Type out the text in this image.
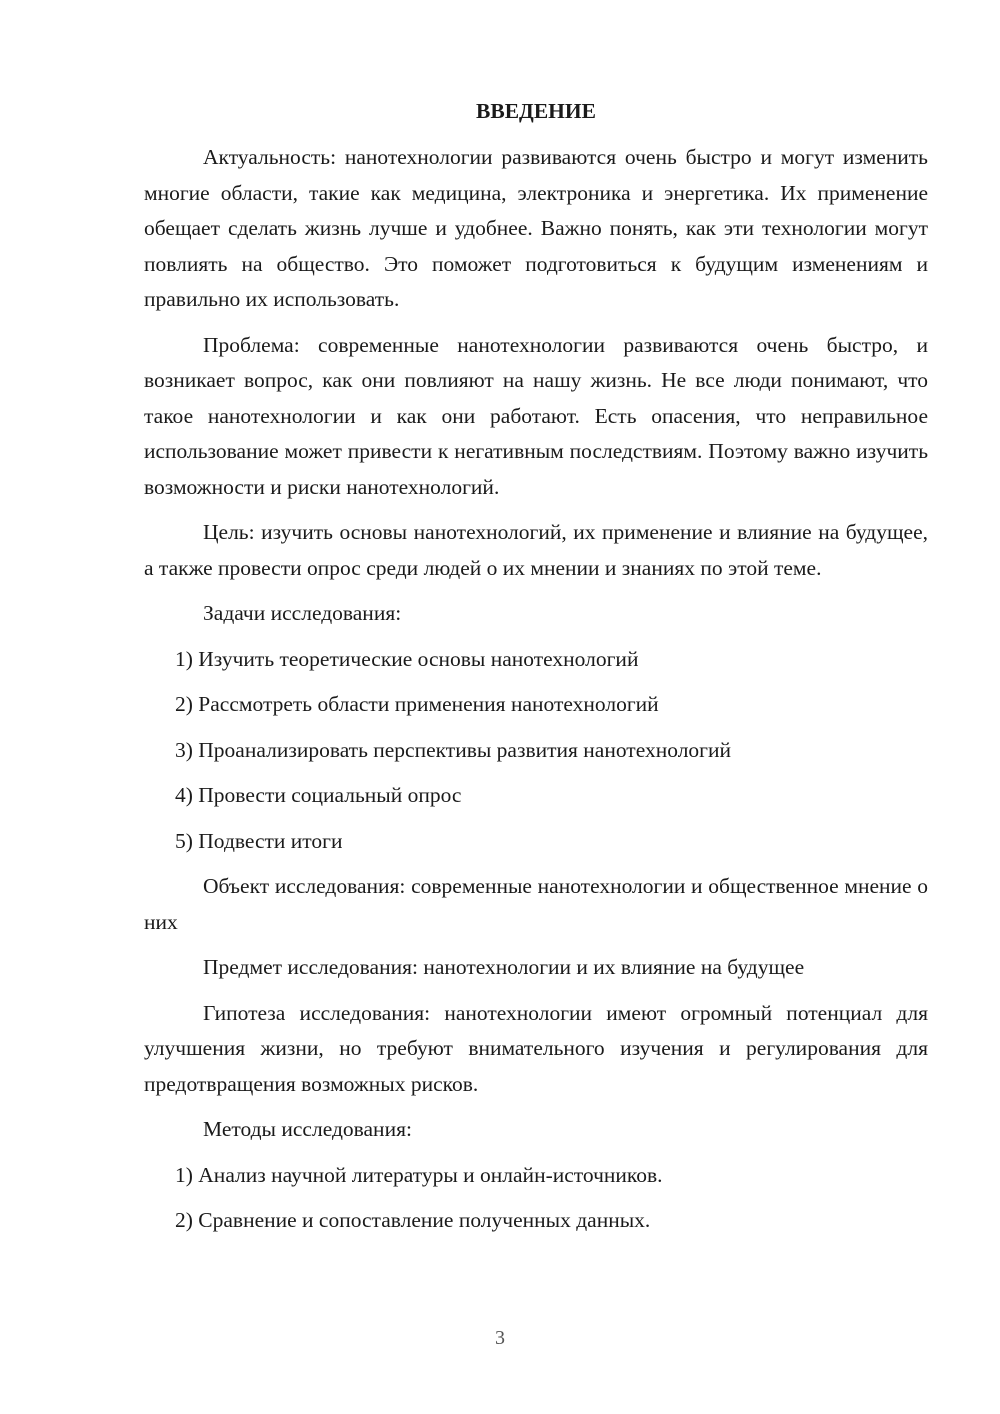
ВВЕДЕНИЕ

Актуальность: нанотехнологии развиваются очень быстро и могут изменить многие области, такие как медицина, электроника и энергетика. Их применение обещает сделать жизнь лучше и удобнее. Важно понять, как эти технологии могут повлиять на общество. Это поможет подготовиться к будущим изменениям и правильно их использовать.

Проблема: современные нанотехнологии развиваются очень быстро, и возникает вопрос, как они повлияют на нашу жизнь. Не все люди понимают, что такое нанотехнологии и как они работают. Есть опасения, что неправильное использование может привести к негативным последствиям. Поэтому важно изучить возможности и риски нанотехнологий.

Цель: изучить основы нанотехнологий, их применение и влияние на будущее, а также провести опрос среди людей о их мнении и знаниях по этой теме.

Задачи исследования:

1) Изучить теоретические основы нанотехнологий

2) Рассмотреть области применения нанотехнологий

3) Проанализировать перспективы развития нанотехнологий

4) Провести социальный опрос

5) Подвести итоги

Объект исследования: современные нанотехнологии и общественное мнение о них

Предмет исследования: нанотехнологии и их влияние на будущее

Гипотеза исследования: нанотехнологии имеют огромный потенциал для улучшения жизни, но требуют внимательного изучения и регулирования для предотвращения возможных рисков.

Методы исследования:

1) Анализ научной литературы и онлайн-источников.

2) Сравнение и сопоставление полученных данных.

3
